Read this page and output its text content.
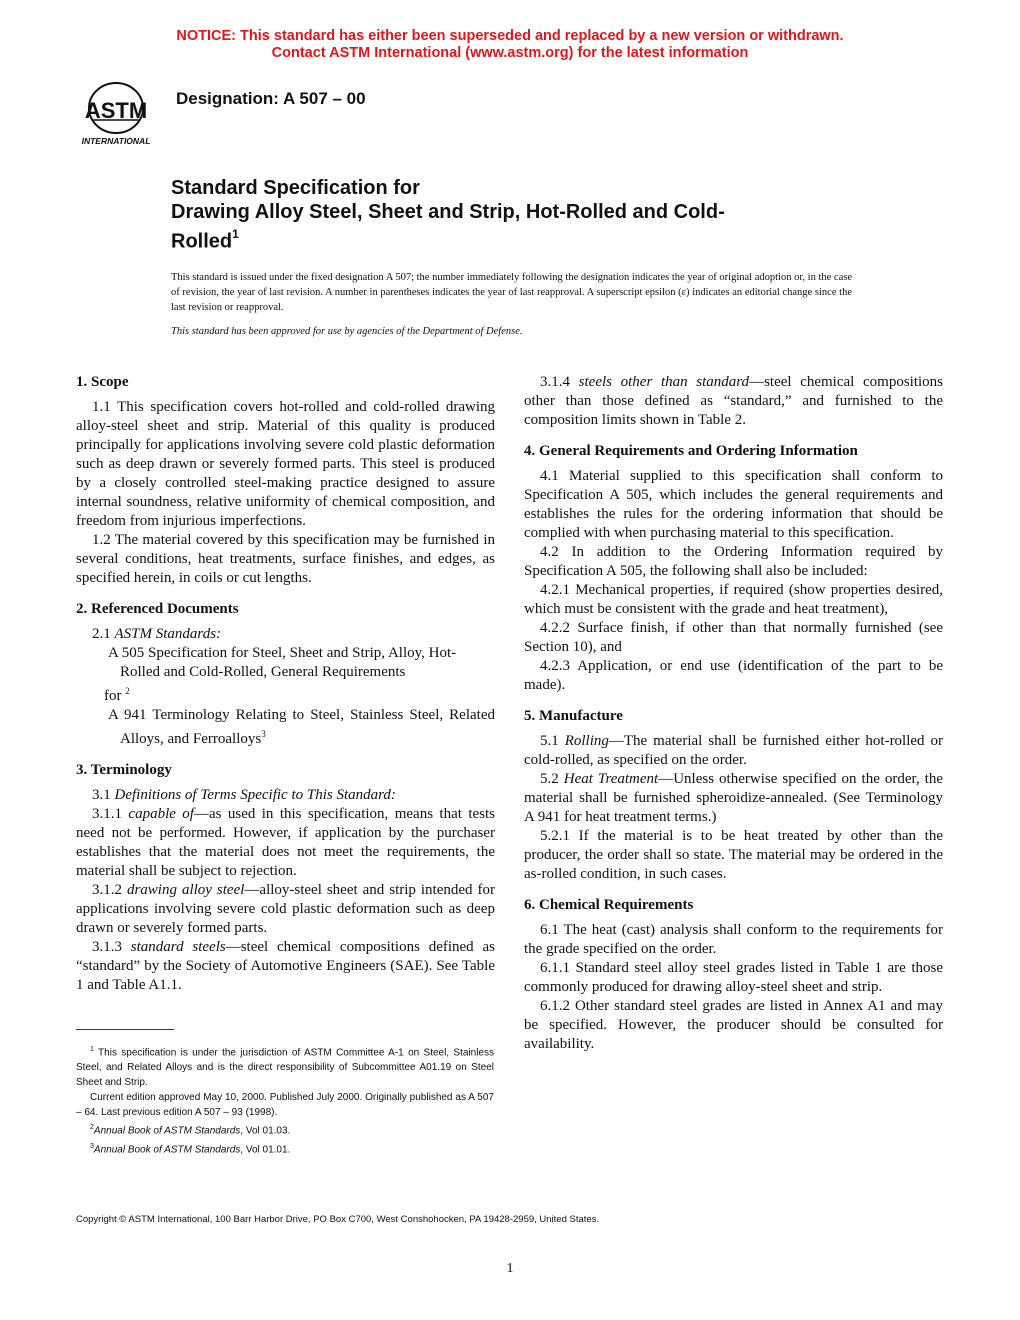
NOTICE: This standard has either been superseded and replaced by a new version or withdrawn.
Contact ASTM International (www.astm.org) for the latest information
ASTM
INTERNATIONAL
Designation: A 507 – 00
Standard Specification for
Drawing Alloy Steel, Sheet and Strip, Hot-Rolled and Cold-
Rolled$^1$
This standard is issued under the fixed designation A 507; the number immediately following the designation indicates the year of original adoption or, in the case of revision, the year of last revision. A number in parentheses indicates the year of last reapproval. A superscript epsilon (ε) indicates an editorial change since the last revision or reapproval.
This standard has been approved for use by agencies of the Department of Defense.
1. Scope

1.1 This specification covers hot-rolled and cold-rolled drawing alloy-steel sheet and strip. Material of this quality is produced principally for applications involving severe cold plastic deformation such as deep drawn or severely formed parts. This steel is produced by a closely controlled steel-making practice designed to assure internal soundness, relative uniformity of chemical composition, and freedom from injurious imperfections.

1.2 The material covered by this specification may be furnished in several conditions, heat treatments, surface finishes, and edges, as specified herein, in coils or cut lengths.

2. Referenced Documents

2.1 ASTM Standards:

A 505 Specification for Steel, Sheet and Strip, Alloy, Hot-Rolled and Cold-Rolled, General Requirements

for $^2$

A 941 Terminology Relating to Steel, Stainless Steel, Related Alloys, and Ferroalloys$^3$

3. Terminology

3.1 Definitions of Terms Specific to This Standard:

3.1.1 capable of—as used in this specification, means that tests need not be performed. However, if application by the purchaser establishes that the material does not meet the requirements, the material shall be subject to rejection.

3.1.2 drawing alloy steel—alloy-steel sheet and strip intended for applications involving severe cold plastic deformation such as deep drawn or severely formed parts.

3.1.3 standard steels—steel chemical compositions defined as “standard” by the Society of Automotive Engineers (SAE). See Table 1 and Table A1.1.

3.1.4 steels other than standard—steel chemical compositions other than those defined as “standard,” and furnished to the composition limits shown in Table 2.

4. General Requirements and Ordering Information

4.1 Material supplied to this specification shall conform to Specification A 505, which includes the general requirements and establishes the rules for the ordering information that should be complied with when purchasing material to this specification.

4.2 In addition to the Ordering Information required by Specification A 505, the following shall also be included:

4.2.1 Mechanical properties, if required (show properties desired, which must be consistent with the grade and heat treatment),

4.2.2 Surface finish, if other than that normally furnished (see Section 10), and

4.2.3 Application, or end use (identification of the part to be made).

5. Manufacture

5.1 Rolling—The material shall be furnished either hot-rolled or cold-rolled, as specified on the order.

5.2 Heat Treatment—Unless otherwise specified on the order, the material shall be furnished spheroidize-annealed. (See Terminology A 941 for heat treatment terms.)

5.2.1 If the material is to be heat treated by other than the producer, the order shall so state. The material may be ordered in the as-rolled condition, in such cases.

6. Chemical Requirements

6.1 The heat (cast) analysis shall conform to the requirements for the grade specified on the order.

6.1.1 Standard steel alloy steel grades listed in Table 1 are those commonly produced for drawing alloy-steel sheet and strip.

6.1.2 Other standard steel grades are listed in Annex A1 and may be specified. However, the producer should be consulted for availability.

$^1$ This specification is under the jurisdiction of ASTM Committee A-1 on Steel, Stainless Steel, and Related Alloys and is the direct responsibility of Subcommittee A01.19 on Steel Sheet and Strip.

Current edition approved May 10, 2000. Published July 2000. Originally published as A 507 – 64. Last previous edition A 507 – 93 (1998).

$^2$Annual Book of ASTM Standards, Vol 01.03.

$^3$Annual Book of ASTM Standards, Vol 01.01.

Copyright © ASTM International, 100 Barr Harbor Drive, PO Box C700, West Conshohocken, PA 19428-2959, United States.
1
